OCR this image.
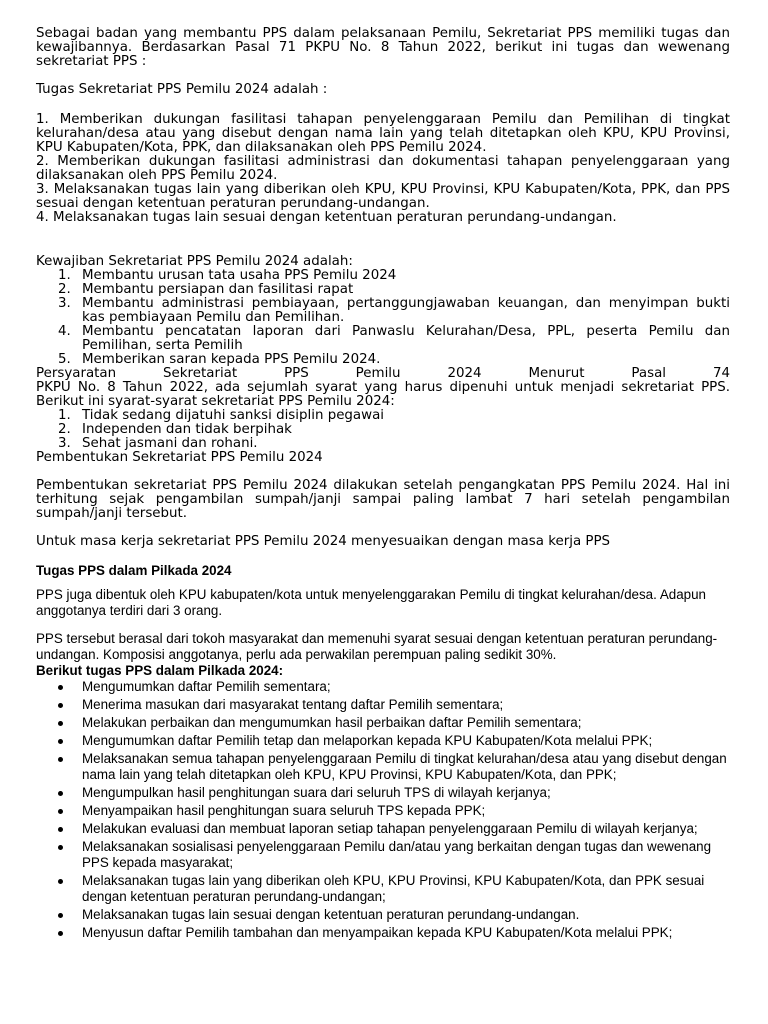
Sebagai badan yang membantu PPS dalam pelaksanaan Pemilu, Sekretariat PPS memiliki tugas dan kewajibannya. Berdasarkan Pasal 71 PKPU No. 8 Tahun 2022, berikut ini tugas dan wewenang sekretariat PPS :

Tugas Sekretariat PPS Pemilu 2024 adalah :

1. Memberikan dukungan fasilitasi tahapan penyelenggaraan Pemilu dan Pemilihan di tingkat kelurahan/desa atau yang disebut dengan nama lain yang telah ditetapkan oleh KPU, KPU Provinsi, KPU Kabupaten/Kota, PPK, dan dilaksanakan oleh PPS Pemilu 2024.

2. Memberikan dukungan fasilitasi administrasi dan dokumentasi tahapan penyelenggaraan yang dilaksanakan oleh PPS Pemilu 2024.

3. Melaksanakan tugas lain yang diberikan oleh KPU, KPU Provinsi, KPU Kabupaten/Kota, PPK, dan PPS sesuai dengan ketentuan peraturan perundang-undangan.

4. Melaksanakan tugas lain sesuai dengan ketentuan peraturan perundang-undangan.

Kewajiban Sekretariat PPS Pemilu 2024 adalah:

1. Membantu urusan tata usaha PPS Pemilu 2024
2. Membantu persiapan dan fasilitasi rapat
3. Membantu administrasi pembiayaan, pertanggungjawaban keuangan, dan menyimpan bukti kas pembiayaan Pemilu dan Pemilihan.
4. Membantu pencatatan laporan dari Panwaslu Kelurahan/Desa, PPL, peserta Pemilu dan Pemilihan, serta Pemilih
5. Memberikan saran kepada PPS Pemilu 2024.

Persyaratan Sekretariat PPS Pemilu 2024 Menurut Pasal 74

PKPU No. 8 Tahun 2022, ada sejumlah syarat yang harus dipenuhi untuk menjadi sekretariat PPS. Berikut ini syarat-syarat sekretariat PPS Pemilu 2024:

1. Tidak sedang dijatuhi sanksi disiplin pegawai
2. Independen dan tidak berpihak
3. Sehat jasmani dan rohani.

Pembentukan Sekretariat PPS Pemilu 2024

Pembentukan sekretariat PPS Pemilu 2024 dilakukan setelah pengangkatan PPS Pemilu 2024. Hal ini terhitung sejak pengambilan sumpah/janji sampai paling lambat 7 hari setelah pengambilan sumpah/janji tersebut.

Untuk masa kerja sekretariat PPS Pemilu 2024 menyesuaikan dengan masa kerja PPS

Tugas PPS dalam Pilkada 2024

PPS juga dibentuk oleh KPU kabupaten/kota untuk menyelenggarakan Pemilu di tingkat kelurahan/desa. Adapun anggotanya terdiri dari 3 orang.

PPS tersebut berasal dari tokoh masyarakat dan memenuhi syarat sesuai dengan ketentuan peraturan perundang-undangan. Komposisi anggotanya, perlu ada perwakilan perempuan paling sedikit 30%.

Berikut tugas PPS dalam Pilkada 2024:
Mengumumkan daftar Pemilih sementara;
Menerima masukan dari masyarakat tentang daftar Pemilih sementara;
Melakukan perbaikan dan mengumumkan hasil perbaikan daftar Pemilih sementara;
Mengumumkan daftar Pemilih tetap dan melaporkan kepada KPU Kabupaten/Kota melalui PPK;
Melaksanakan semua tahapan penyelenggaraan Pemilu di tingkat kelurahan/desa atau yang disebut dengan nama lain yang telah ditetapkan oleh KPU, KPU Provinsi, KPU Kabupaten/Kota, dan PPK;
Mengumpulkan hasil penghitungan suara dari seluruh TPS di wilayah kerjanya;
Menyampaikan hasil penghitungan suara seluruh TPS kepada PPK;
Melakukan evaluasi dan membuat laporan setiap tahapan penyelenggaraan Pemilu di wilayah kerjanya;
Melaksanakan sosialisasi penyelenggaraan Pemilu dan/atau yang berkaitan dengan tugas dan wewenang PPS kepada masyarakat;
Melaksanakan tugas lain yang diberikan oleh KPU, KPU Provinsi, KPU Kabupaten/Kota, dan PPK sesuai dengan ketentuan peraturan perundang-undangan;
Melaksanakan tugas lain sesuai dengan ketentuan peraturan perundang-undangan.
Menyusun daftar Pemilih tambahan dan menyampaikan kepada KPU Kabupaten/Kota melalui PPK;
